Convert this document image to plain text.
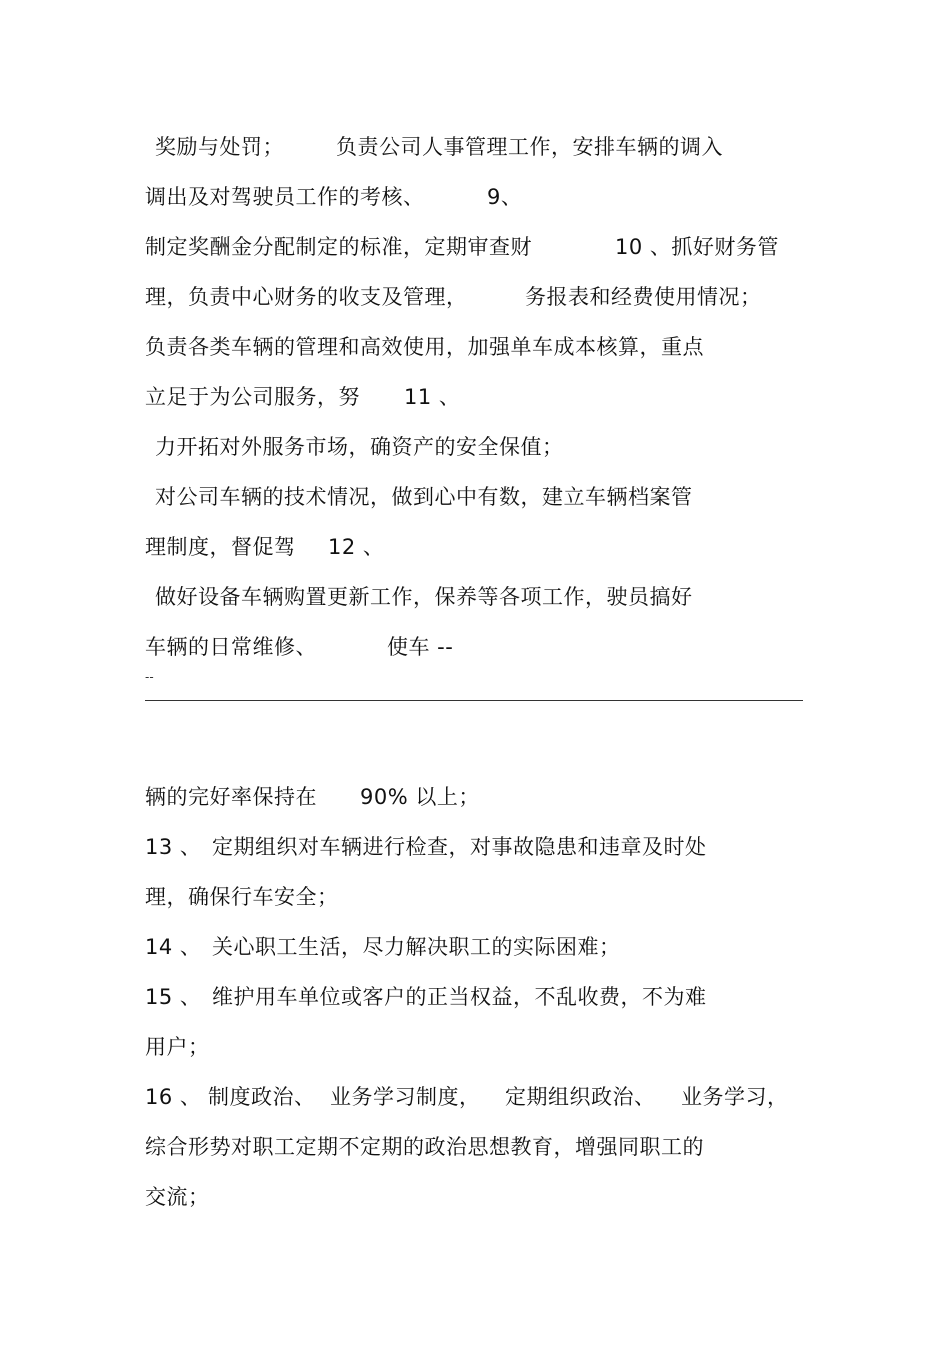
奖励与处罚； 负责公司人事管理工作，安排车辆的调入
调出及对驾驶员工作的考核、	9、
制定奖酬金分配制定的标准，定期审查财	10 、抓好财务管
理，负责中心财务的收支及管理，	务报表和经费使用情况；
负责各类车辆的管理和高效使用，加强单车成本核算，重点
立足于为公司服务，努 11 、
力开拓对外服务市场，确资产的安全保值；
对公司车辆的技术情况，做到心中有数，建立车辆档案管
理制度，督促驾 12 、
做好设备车辆购置更新工作，保养等各项工作，驶员搞好
车辆的日常维修、	使车 --
--
辆的完好率保持在 90% 以上；
13 、 定期组织对车辆进行检查，对事故隐患和违章及时处
理，确保行车安全；
14 、 关心职工生活，尽力解决职工的实际困难；
15 、 维护用车单位或客户的正当权益，不乱收费，不为难
用户；
16 、 制度政治、 业务学习制度， 定期组织政治、 业务学习，
综合形势对职工定期不定期的政治思想教育，增强同职工的
交流；
